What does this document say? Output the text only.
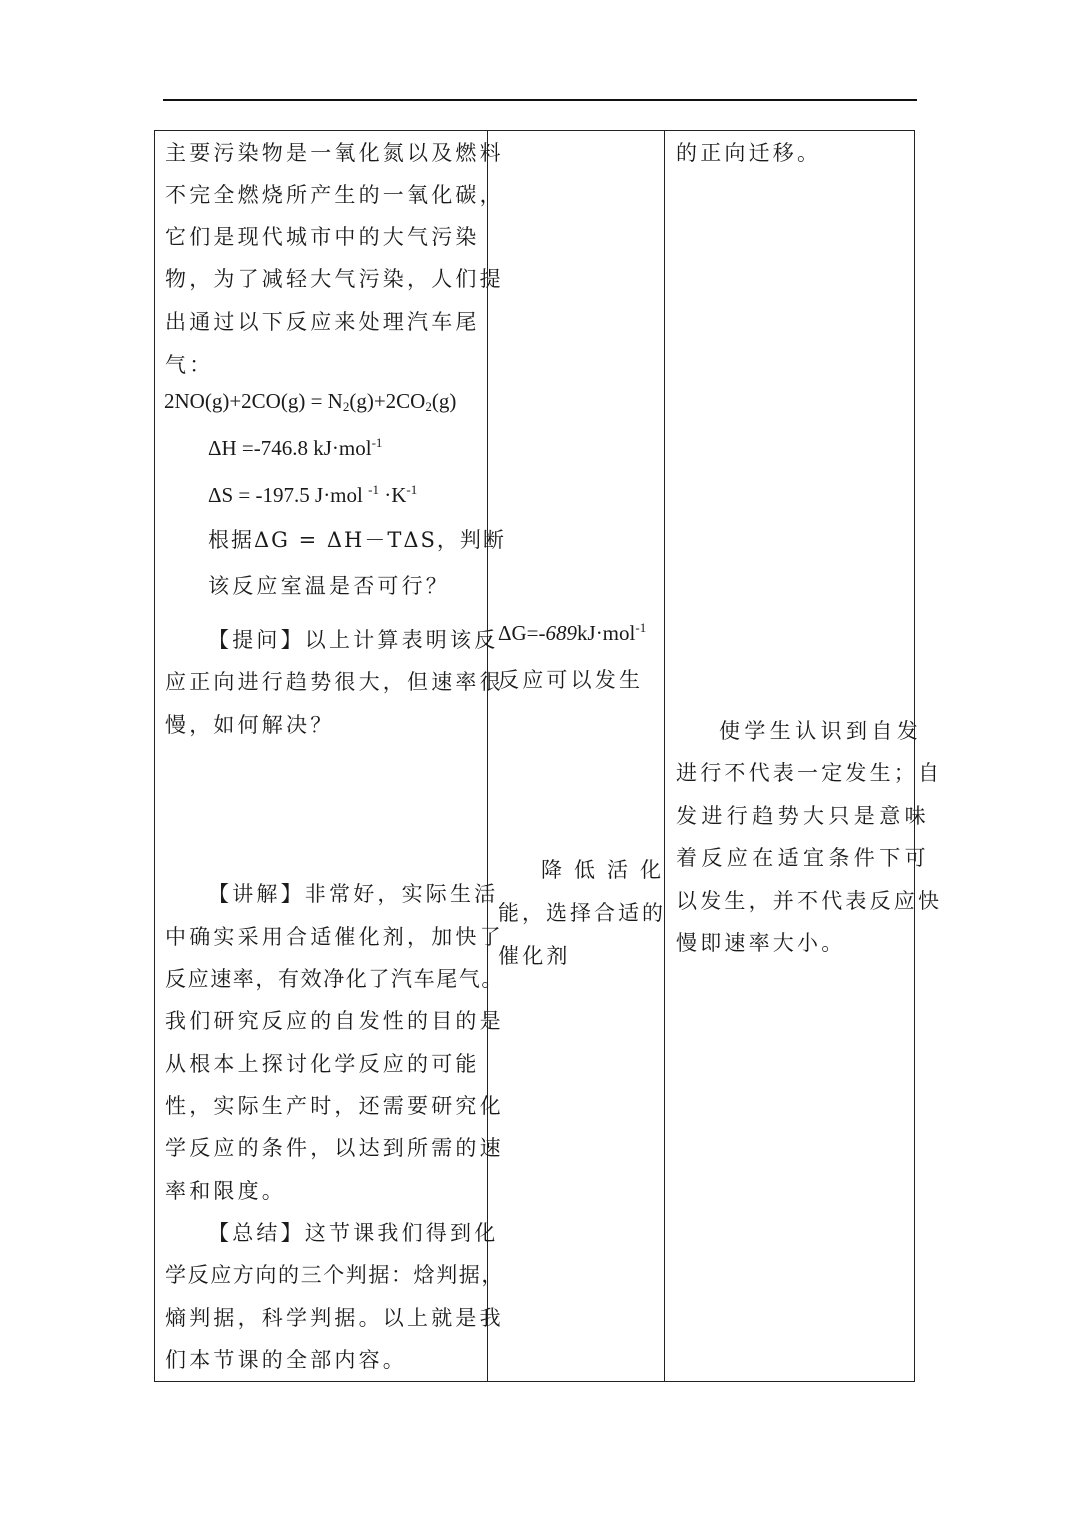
主要污染物是一氧化氮以及燃料
不完全燃烧所产生的一氧化碳，
它们是现代城市中的大气污染
物，为了减轻大气污染，人们提
出通过以下反应来处理汽车尾
气：
$2NO(g)+2CO(g) = N_2(g)+2CO_2(g)$
ΔH =-746.8 kJ·mol$^{-1}$
ΔS = -197.5 J·mol $^{-1} \cdot K^{-1}$
根据ΔG = ΔH－TΔS，判断
该反应室温是否可行？
【提问】以上计算表明该反
应正向进行趋势很大，但速率很
慢，如何解决？
【讲解】非常好，实际生活
中确实采用合适催化剂，加快了
反应速率，有效净化了汽车尾气。
我们研究反应的自发性的目的是
从根本上探讨化学反应的可能
性，实际生产时，还需要研究化
学反应的条件，以达到所需的速
率和限度。
【总结】这节课我们得到化
学反应方向的三个判据：焓判据，
熵判据，科学判据。以上就是我
们本节课的全部内容。
ΔG=-689kJ·mol$^{-1}$
反应可以发生
降低活化
能，选择合适的
催化剂
的正向迁移。
使学生认识到自发
进行不代表一定发生；自
发进行趋势大只是意味
着反应在适宜条件下可
以发生，并不代表反应快
慢即速率大小。
